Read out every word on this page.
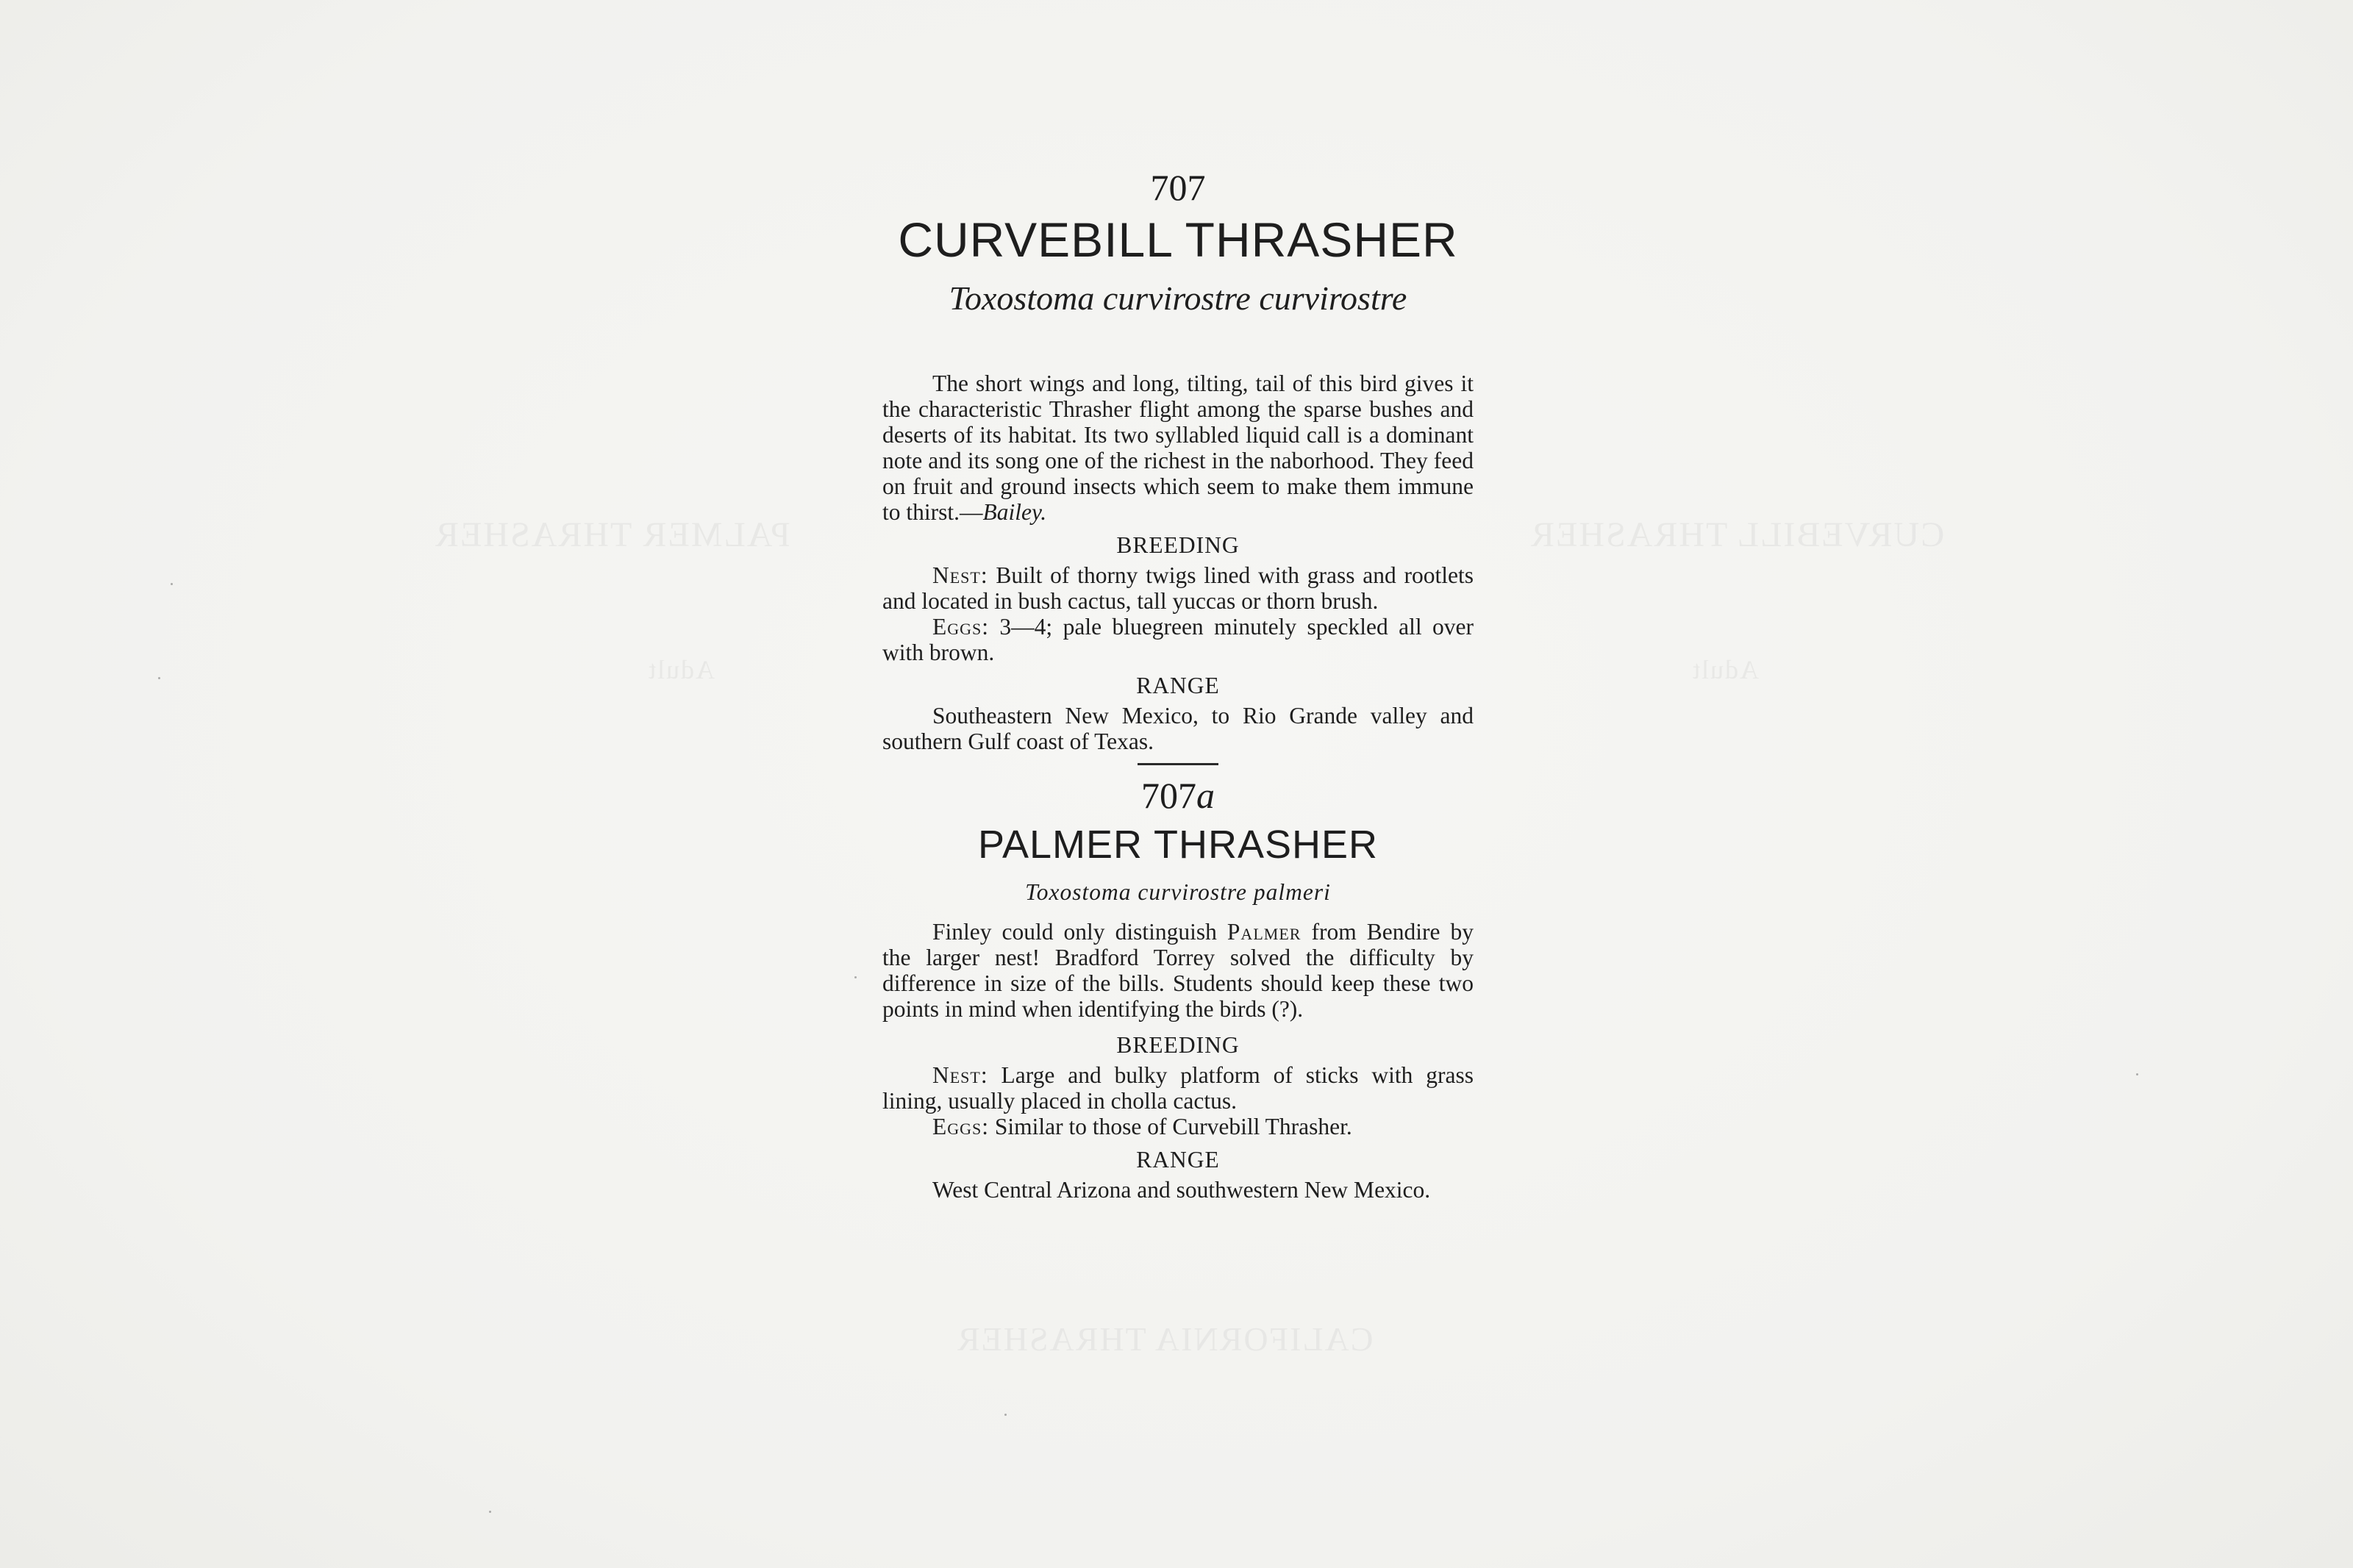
CURVEBILL THRASHER
PALMER THRASHER
Adult
Adult
CALIFORNIA THRASHER
707
CURVEBILL THRASHER
Toxostoma curvirostre curvirostre

The short wings and long, tilting, tail of this bird gives it the characteristic Thrasher flight among the sparse bushes and deserts of its habitat. Its two syllabled liquid call is a dominant note and its song one of the richest in the naborhood. They feed on fruit and ground insects which seem to make them immune to thirst.—Bailey.

BREEDING

Nest: Built of thorny twigs lined with grass and rootlets and located in bush cactus, tall yuccas or thorn brush.

Eggs: 3—4; pale bluegreen minutely speckled all over with brown.

RANGE

Southeastern New Mexico, to Rio Grande valley and southern Gulf coast of Texas.

707a
PALMER THRASHER
Toxostoma curvirostre palmeri

Finley could only distinguish Palmer from Bendire by the larger nest! Bradford Torrey solved the difficulty by difference in size of the bills. Students should keep these two points in mind when identifying the birds (?).

BREEDING

Nest: Large and bulky platform of sticks with grass lining, usually placed in cholla cactus.

Eggs: Similar to those of Curvebill Thrasher.

RANGE

West Central Arizona and southwestern New Mexico.
